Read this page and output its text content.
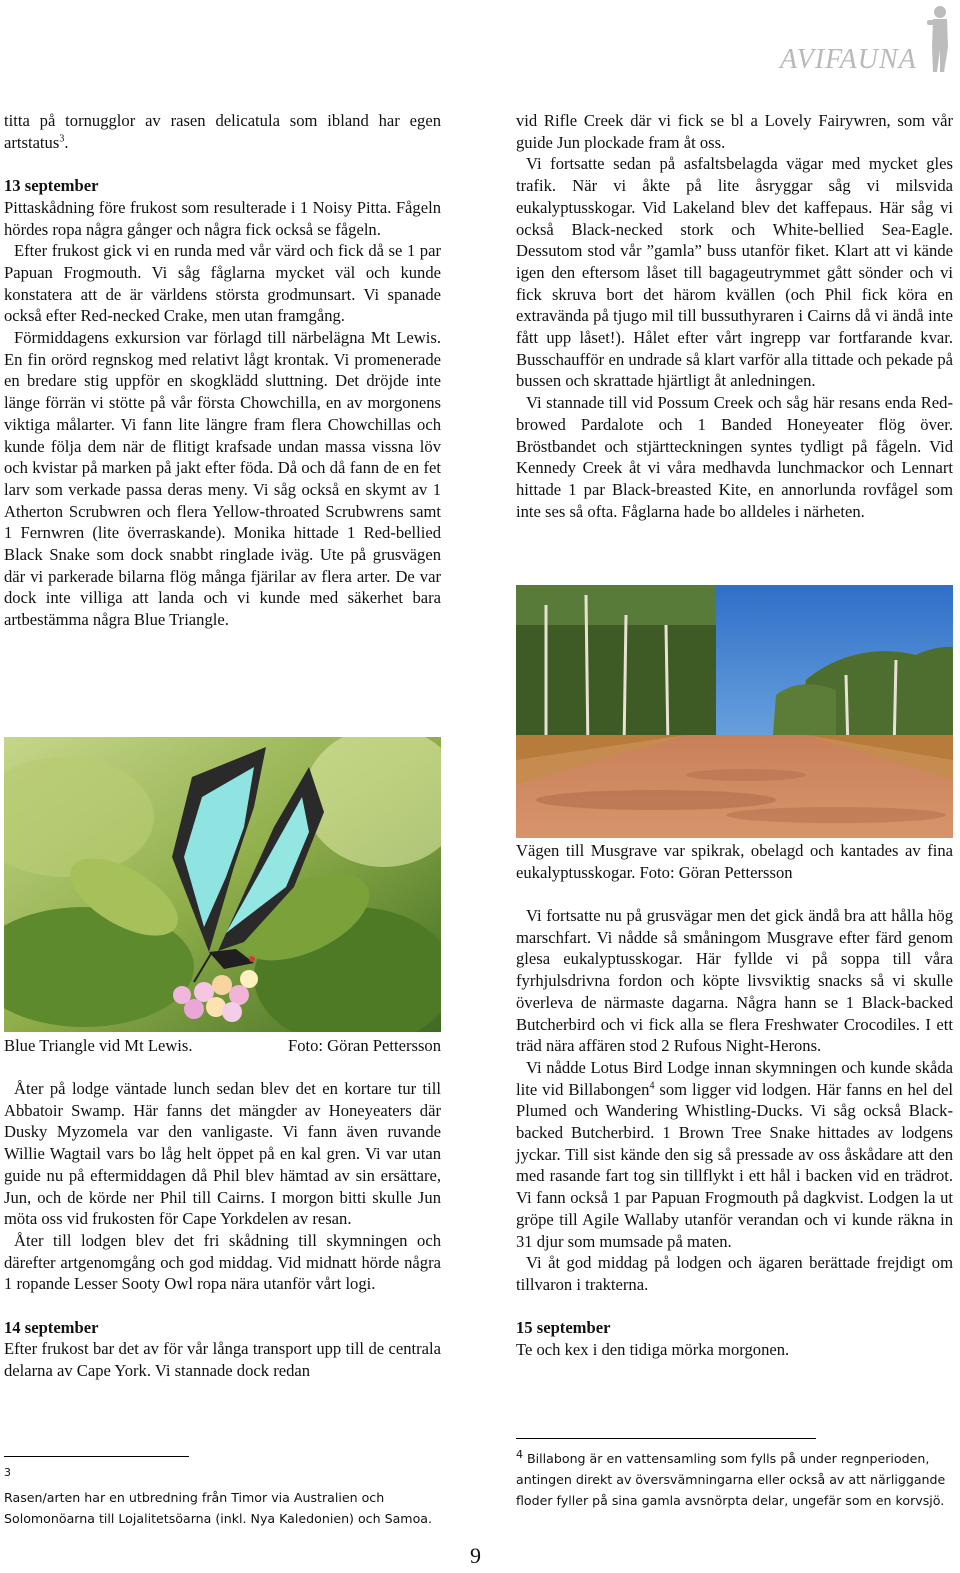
AVIFAUNA

titta på tornugglor av rasen delicatula som ibland har egen artstatus$^3$.

13 september

Pittaskådning före frukost som resulterade i 1 Noisy Pitta. Fågeln hördes ropa några gånger och några fick också se fågeln.

Efter frukost gick vi en runda med vår värd och fick då se 1 par Papuan Frogmouth. Vi såg fåglarna mycket väl och kunde konstatera att de är världens största grodmunsart. Vi spanade också efter Red-necked Crake, men utan framgång.

Förmiddagens exkursion var förlagd till närbelägna Mt Lewis. En fin orörd regnskog med relativt lågt krontak. Vi promenerade en bredare stig uppför en skogklädd sluttning. Det dröjde inte länge förrän vi stötte på vår första Chowchilla, en av morgonens viktiga målarter. Vi fann lite längre fram flera Chowchillas och kunde följa dem när de flitigt krafsade undan massa vissna löv och kvistar på marken på jakt efter föda. Då och då fann de en fet larv som verkade passa deras meny. Vi såg också en skymt av 1 Atherton Scrubwren och flera Yellow-throated Scrubwrens samt 1 Fernwren (lite överraskande). Monika hittade 1 Red-bellied Black Snake som dock snabbt ringlade iväg. Ute på grusvägen där vi parkerade bilarna flög många fjärilar av flera arter. De var dock inte villiga att landa och vi kunde med säkerhet bara artbestämma några Blue Triangle.

Blue Triangle vid Mt Lewis.	Foto: Göran Pettersson

Åter på lodge väntade lunch sedan blev det en kortare tur till Abbatoir Swamp. Här fanns det mängder av Honeyeaters där Dusky Myzomela var den vanligaste. Vi fann även ruvande Willie Wagtail vars bo låg helt öppet på en kal gren. Vi var utan guide nu på eftermiddagen då Phil blev hämtad av sin ersättare, Jun, och de körde ner Phil till Cairns. I morgon bitti skulle Jun möta oss vid frukosten för Cape Yorkdelen av resan.

Åter till lodgen blev det fri skådning till skymningen och därefter artgenomgång och god middag. Vid midnatt hörde några 1 ropande Lesser Sooty Owl ropa nära utanför vårt logi.

14 september

Efter frukost bar det av för vår långa transport upp till de centrala delarna av Cape York. Vi stannade dock redan

vid Rifle Creek där vi fick se bl a Lovely Fairywren, som vår guide Jun plockade fram åt oss.

Vi fortsatte sedan på asfaltsbelagda vägar med mycket gles trafik. När vi åkte på lite åsryggar såg vi milsvida eukalyptusskogar. Vid Lakeland blev det kaffepaus. Här såg vi också Black-necked stork och White-bellied Sea-Eagle. Dessutom stod vår ”gamla” buss utanför fiket. Klart att vi kände igen den eftersom låset till bagageutrymmet gått sönder och vi fick skruva bort det härom kvällen (och Phil fick köra en extravända på tjugo mil till bussuthyraren i Cairns då vi ändå inte fått upp låset!). Hålet efter vårt ingrepp var fortfarande kvar. Busschaufför en undrade så klart varför alla tittade och pekade på bussen och skrattade hjärtligt åt anledningen.

Vi stannade till vid Possum Creek och såg här resans enda Red-browed Pardalote och 1 Banded Honeyeater flög över. Bröstbandet och stjärtteckningen syntes tydligt på fågeln. Vid Kennedy Creek åt vi våra medhavda lunchmackor och Lennart hittade 1 par Black-breasted Kite, en annorlunda rovfågel som inte ses så ofta. Fåglarna hade bo alldeles i närheten.

Vägen till Musgrave var spikrak, obelagd och kantades av fina eukalyptusskogar. Foto: Göran Pettersson

Vi fortsatte nu på grusvägar men det gick ändå bra att hålla hög marschfart. Vi nådde så småningom Musgrave efter färd genom glesa eukalyptusskogar. Här fyllde vi på soppa till våra fyrhjulsdrivna fordon och köpte livsviktig snacks så vi skulle överleva de närmaste dagarna. Några hann se 1 Black-backed Butcherbird och vi fick alla se flera Freshwater Crocodiles. I ett träd nära affären stod 2 Rufous Night-Herons.

Vi nådde Lotus Bird Lodge innan skymningen och kunde skåda lite vid Billabongen$^4$ som ligger vid lodgen. Här fanns en hel del Plumed och Wandering Whistling-Ducks. Vi såg också Black-backed Butcherbird. 1 Brown Tree Snake hittades av lodgens jyckar. Till sist kände den sig så pressade av oss åskådare att den med rasande fart tog sin tillflykt i ett hål i backen vid en trädrot. Vi fann också 1 par Papuan Frogmouth på dagkvist. Lodgen la ut gröpe till Agile Wallaby utanför verandan och vi kunde räkna in 31 djur som mumsade på maten.

Vi åt god middag på lodgen och ägaren berättade frejdigt om tillvaron i trakterna.

15 september

Te och kex i den tidiga mörka morgonen.

$^3$
Rasen/arten har en utbredning från Timor via Australien och Solomonöarna till Lojalitetsöarna (inkl. Nya Kaledonien) och Samoa.
$^4$ Billabong är en vattensamling som fylls på under regnperioden, antingen direkt av översvämningarna eller också av att närliggande floder fyller på sina gamla avsnörpta delar, ungefär som en korvsjö.
9
